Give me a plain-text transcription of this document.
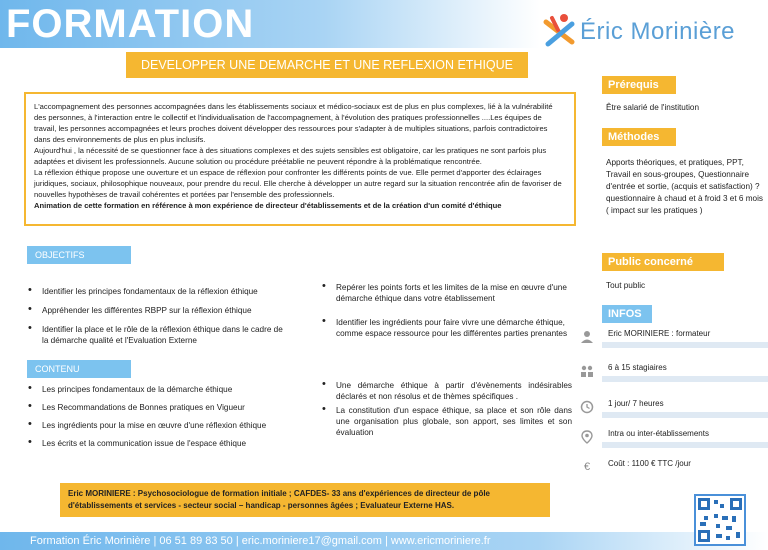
FORMATION	Éric Morinière
DEVELOPPER UNE DEMARCHE ET UNE REFLEXION ETHIQUE

L'accompagnement des personnes accompagnées dans les établissements sociaux et médico-sociaux est de plus en plus complexes, lié à la vulnérabilité des personnes, à l'interaction entre le collectif et l'individualisation de l'accompagnement, à l'évolution des pratiques professionnelles ....Les équipes de travail, les personnes accompagnées et leurs proches doivent développer des ressources pour s'adapter à de multiples situations, parfois contradictoires dans des environnements de plus en plus inclusifs.

Aujourd'hui , la nécessité de se questionner face à des situations complexes et des sujets sensibles est obligatoire, car les pratiques ne sont parfois plus adaptées et divisent les professionnels. Aucune solution ou procédure préétablie ne peuvent répondre à la problématique rencontrée.

La réflexion éthique propose une ouverture et un espace de réflexion pour confronter les différents points de vue. Elle permet d'apporter des éclairages juridiques, sociaux, philosophique nouveaux, pour prendre du recul. Elle cherche à développer un autre regard sur la situation rencontrée afin de favoriser de nouvelles hypothèses de travail cohérentes et portées par l'ensemble des professionnels.

Animation de cette formation en référence à mon expérience de directeur d'établissements et de la création d'un comité d'éthique

OBJECTIFS
• Identifier les principes fondamentaux de la réflexion éthique
• Appréhender les différentes RBPP sur la réflexion éthique
• Identifier la place et le rôle de la réflexion éthique dans le cadre de la démarche qualité et l'Evaluation Externe
• Repérer les points forts et les limites de la mise en œuvre d'une démarche éthique dans votre établissement
• Identifier les ingrédients pour faire vivre une démarche éthique, comme espace ressource pour les différentes parties prenantes
CONTENU
• Les principes fondamentaux de la démarche éthique
• Les Recommandations de Bonnes pratiques en Vigueur
• Les ingrédients pour la mise en œuvre d'une réflexion éthique
• Les écrits et la communication issue de l'espace éthique
• Une démarche éthique à partir d'évènements indésirables déclarés et non résolus et de thèmes spécifiques .
• La constitution d'un espace éthique, sa place et son rôle dans une organisation plus globale, son apport, ses limites et son évaluation
Eric MORINIERE : Psychosociologue de formation initiale ; CAFDES- 33 ans d'expériences de directeur de pôle d'établissements et services - secteur social – handicap - personnes âgées ; Evaluateur Externe HAS.
Formation Éric Morinière | 06 51 89 83 50 | eric.moriniere17@gmail.com | www.ericmoriniere.fr
Prérequis
Être salarié de l'institution
Méthodes
Apports théoriques, et pratiques, PPT, Travail en sous-groupes, Questionnaire d'entrée et sortie, (acquis et satisfaction) ? questionnaire à chaud et à froid 3 et 6 mois ( impact sur les pratiques )
Public concerné
Tout public
INFOS
Eric MORINIERE : formateur
6 à 15 stagiaires
1 jour/ 7 heures
Intra ou inter-établissements
€	Coût : 1100 € TTC /jour
